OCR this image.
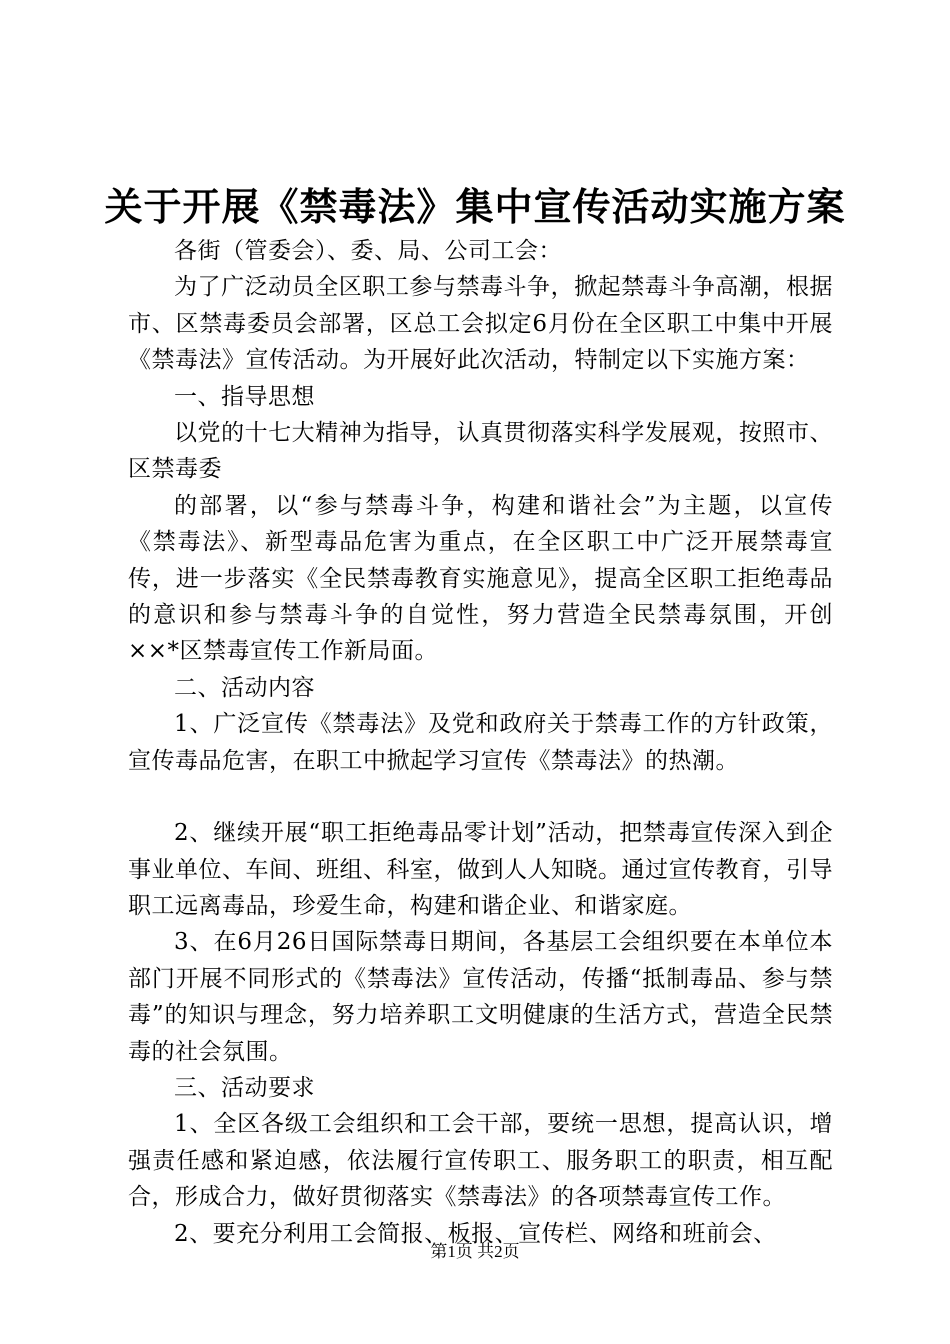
关于开展《禁毒法》集中宣传活动实施方案

各街（管委会）、委、局、公司工会：

为了广泛动员全区职工参与禁毒斗争，掀起禁毒斗争高潮，根据市、区禁毒委员会部署，区总工会拟定6月份在全区职工中集中开展《禁毒法》宣传活动。为开展好此次活动，特制定以下实施方案：

一、指导思想

以党的十七大精神为指导，认真贯彻落实科学发展观，按照市、区禁毒委

的部署，以“参与禁毒斗争，构建和谐社会”为主题，以宣传《禁毒法》、新型毒品危害为重点，在全区职工中广泛开展禁毒宣传，进一步落实《全民禁毒教育实施意见》，提高全区职工拒绝毒品的意识和参与禁毒斗争的自觉性，努力营造全民禁毒氛围，开创××*区禁毒宣传工作新局面。

二、活动内容

1、广泛宣传《禁毒法》及党和政府关于禁毒工作的方针政策，宣传毒品危害，在职工中掀起学习宣传《禁毒法》的热潮。

2、继续开展“职工拒绝毒品零计划”活动，把禁毒宣传深入到企事业单位、车间、班组、科室，做到人人知晓。通过宣传教育，引导职工远离毒品，珍爱生命，构建和谐企业、和谐家庭。

3、在6月26日国际禁毒日期间，各基层工会组织要在本单位本部门开展不同形式的《禁毒法》宣传活动，传播“抵制毒品、参与禁毒”的知识与理念，努力培养职工文明健康的生活方式，营造全民禁毒的社会氛围。

三、活动要求

1、全区各级工会组织和工会干部，要统一思想，提高认识，增强责任感和紧迫感，依法履行宣传职工、服务职工的职责，相互配合，形成合力，做好贯彻落实《禁毒法》的各项禁毒宣传工作。

2、要充分利用工会简报、板报、宣传栏、网络和班前会、

第1页 共2页
